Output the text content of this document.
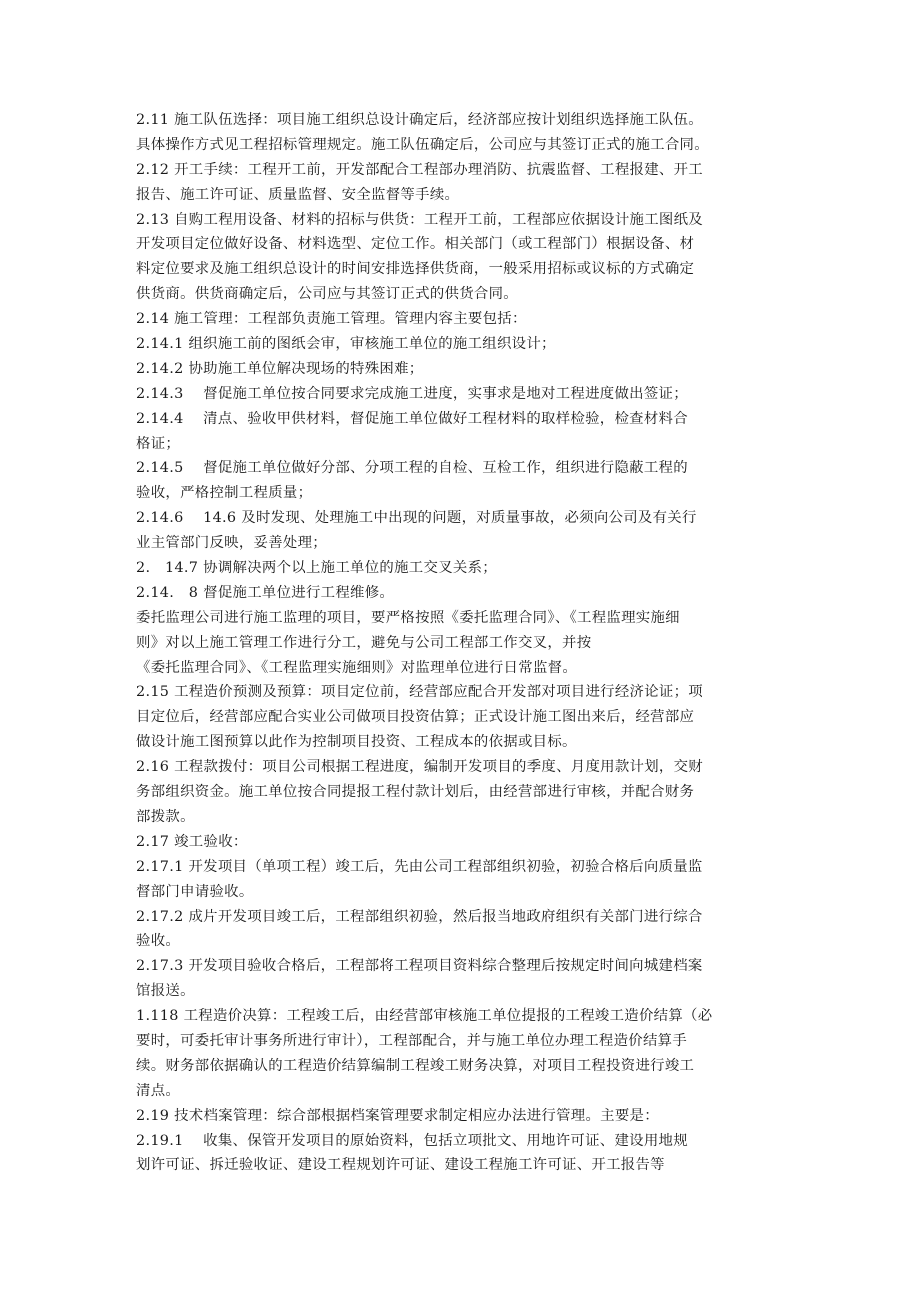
2.11 施工队伍选择：项目施工组织总设计确定后，经济部应按计划组织选择施工队伍。
具体操作方式见工程招标管理规定。施工队伍确定后，公司应与其签订正式的施工合同。
2.12 开工手续：工程开工前，开发部配合工程部办理消防、抗震监督、工程报建、开工
报告、施工许可证、质量监督、安全监督等手续。
2.13 自购工程用设备、材料的招标与供货：工程开工前，工程部应依据设计施工图纸及
开发项目定位做好设备、材料选型、定位工作。相关部门（或工程部门）根据设备、材
料定位要求及施工组织总设计的时间安排选择供货商，一般采用招标或议标的方式确定
供货商。供货商确定后，公司应与其签订正式的供货合同。
2.14 施工管理：工程部负责施工管理。管理内容主要包括：
2.14.1 组织施工前的图纸会审，审核施工单位的施工组织设计；
2.14.2 协助施工单位解决现场的特殊困难；
2.14.3　 督促施工单位按合同要求完成施工进度，实事求是地对工程进度做出签证；
2.14.4　 清点、验收甲供材料，督促施工单位做好工程材料的取样检验，检查材料合
格证；
2.14.5　 督促施工单位做好分部、分项工程的自检、互检工作，组织进行隐蔽工程的
验收，严格控制工程质量；
2.14.6　 14.6 及时发现、处理施工中出现的问题，对质量事故，必须向公司及有关行
业主管部门反映，妥善处理；
2.　14.7 协调解决两个以上施工单位的施工交叉关系；
2.14.　8 督促施工单位进行工程维修。
委托监理公司进行施工监理的项目，要严格按照《委托监理合同》、《工程监理实施细
则》对以上施工管理工作进行分工，避免与公司工程部工作交叉，并按
《委托监理合同》、《工程监理实施细则》对监理单位进行日常监督。
2.15 工程造价预测及预算：项目定位前，经营部应配合开发部对项目进行经济论证；项
目定位后，经营部应配合实业公司做项目投资估算；正式设计施工图出来后，经营部应
做设计施工图预算以此作为控制项目投资、工程成本的依据或目标。
2.16 工程款拨付：项目公司根据工程进度，编制开发项目的季度、月度用款计划，交财
务部组织资金。施工单位按合同提报工程付款计划后，由经营部进行审核，并配合财务
部拨款。
2.17 竣工验收：
2.17.1 开发项目（单项工程）竣工后，先由公司工程部组织初验，初验合格后向质量监
督部门申请验收。
2.17.2 成片开发项目竣工后，工程部组织初验，然后报当地政府组织有关部门进行综合
验收。
2.17.3 开发项目验收合格后，工程部将工程项目资料综合整理后按规定时间向城建档案
馆报送。
1.118 工程造价决算：工程竣工后，由经营部审核施工单位提报的工程竣工造价结算（必
要时，可委托审计事务所进行审计），工程部配合，并与施工单位办理工程造价结算手
续。财务部依据确认的工程造价结算编制工程竣工财务决算，对项目工程投资进行竣工
清点。
2.19 技术档案管理：综合部根据档案管理要求制定相应办法进行管理。主要是：
2.19.1　 收集、保管开发项目的原始资料，包括立项批文、用地许可证、建设用地规
划许可证、拆迁验收证、建设工程规划许可证、建设工程施工许可证、开工报告等
